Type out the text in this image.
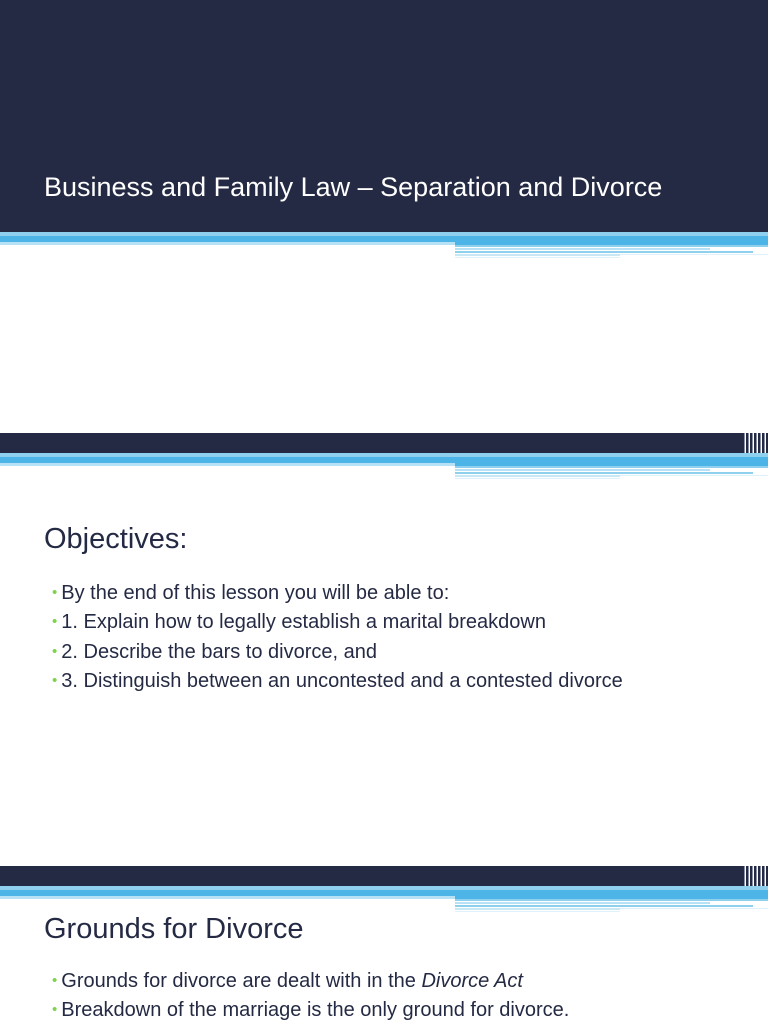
Business and Family Law – Separation and Divorce
Objectives:
• By the end of this lesson you will be able to:
• 1. Explain how to legally establish a marital breakdown
• 2. Describe the bars to divorce, and
• 3. Distinguish between an uncontested and a contested divorce
Grounds for Divorce
• Grounds for divorce are dealt with in the Divorce Act
• Breakdown of the marriage is the only ground for divorce.
